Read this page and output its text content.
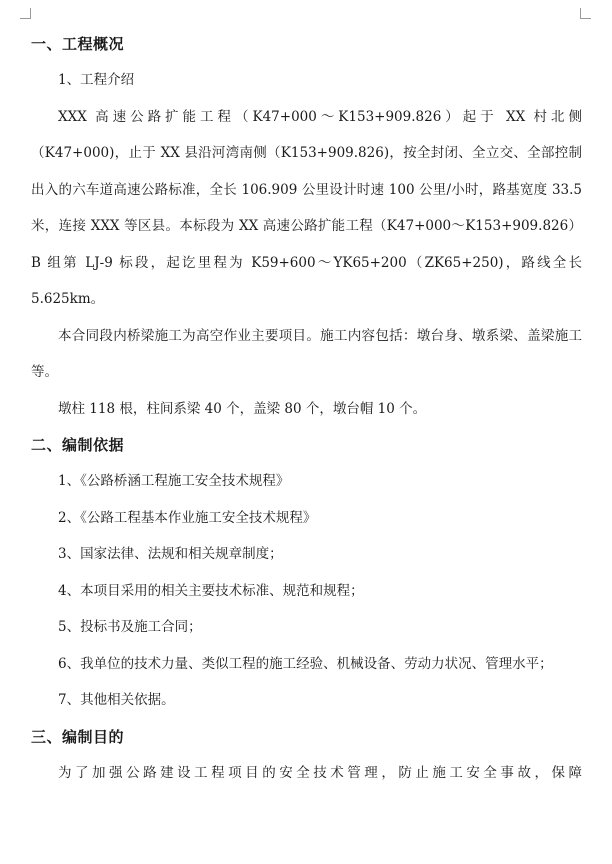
一、工程概况

1、工程介绍

XXX 高速公路扩能工程（K47+000～K153+909.826）起于 XX 村北侧（K47+000)，止于 XX 县沿河湾南侧（K153+909.826)，按全封闭、全立交、全部控制出入的六车道高速公路标准，全长 106.909 公里设计时速 100 公里/小时，路基宽度 33.5 米，连接 XXX 等区县。本标段为 XX 高速公路扩能工程（K47+000～K153+909.826）B 组第 LJ-9 标段，起讫里程为 K59+600～YK65+200（ZK65+250)，路线全长 5.625km。

本合同段内桥梁施工为高空作业主要项目。施工内容包括：墩台身、墩系梁、盖梁施工等。

墩柱 118 根，柱间系梁 40 个，盖梁 80 个，墩台帽 10 个。

二、编制依据

1、《公路桥涵工程施工安全技术规程》

2、《公路工程基本作业施工安全技术规程》

3、国家法律、法规和相关规章制度；

4、本项目采用的相关主要技术标准、规范和规程；

5、投标书及施工合同；

6、我单位的技术力量、类似工程的施工经验、机械设备、劳动力状况、管理水平；

7、其他相关依据。

三、编制目的

为了加强公路建设工程项目的安全技术管理，防止施工安全事故，保障
